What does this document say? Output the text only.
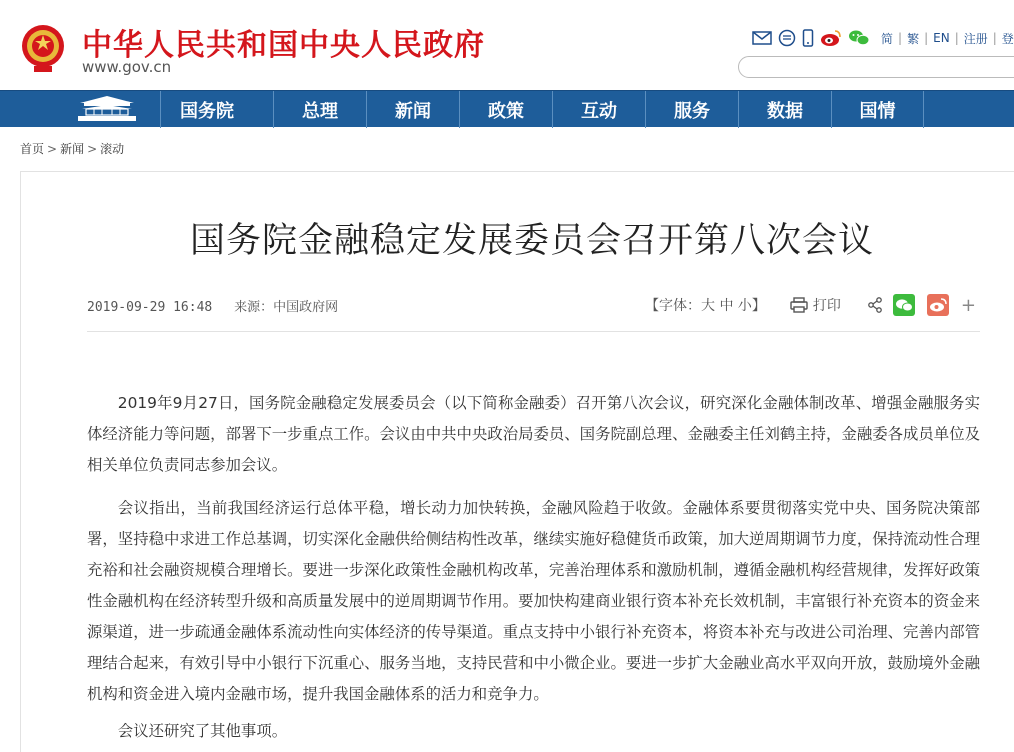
中华人民共和国中央人民政府
www.gov.cn
简 | 繁 | EN | 注册 | 登
国务院	总理	新闻	政策	互动	服务	数据	国情
首页 > 新闻 > 滚动
国务院金融稳定发展委员会召开第八次会议
2019-09-29 16:48 来源：中国政府网	【字体：大 中 小】	打印	+

2019年9月27日，国务院金融稳定发展委员会（以下简称金融委）召开第八次会议，研究深化金融体制改革、增强金融服务实体经济能力等问题，部署下一步重点工作。会议由中共中央政治局委员、国务院副总理、金融委主任刘鹤主持，金融委各成员单位及相关单位负责同志参加会议。

会议指出，当前我国经济运行总体平稳，增长动力加快转换，金融风险趋于收敛。金融体系要贯彻落实党中央、国务院决策部署，坚持稳中求进工作总基调，切实深化金融供给侧结构性改革，继续实施好稳健货币政策，加大逆周期调节力度，保持流动性合理充裕和社会融资规模合理增长。要进一步深化政策性金融机构改革，完善治理体系和激励机制，遵循金融机构经营规律，发挥好政策性金融机构在经济转型升级和高质量发展中的逆周期调节作用。要加快构建商业银行资本补充长效机制，丰富银行补充资本的资金来源渠道，进一步疏通金融体系流动性向实体经济的传导渠道。重点支持中小银行补充资本，将资本补充与改进公司治理、完善内部管理结合起来，有效引导中小银行下沉重心、服务当地，支持民营和中小微企业。要进一步扩大金融业高水平双向开放，鼓励境外金融机构和资金进入境内金融市场，提升我国金融体系的活力和竞争力。

会议还研究了其他事项。
